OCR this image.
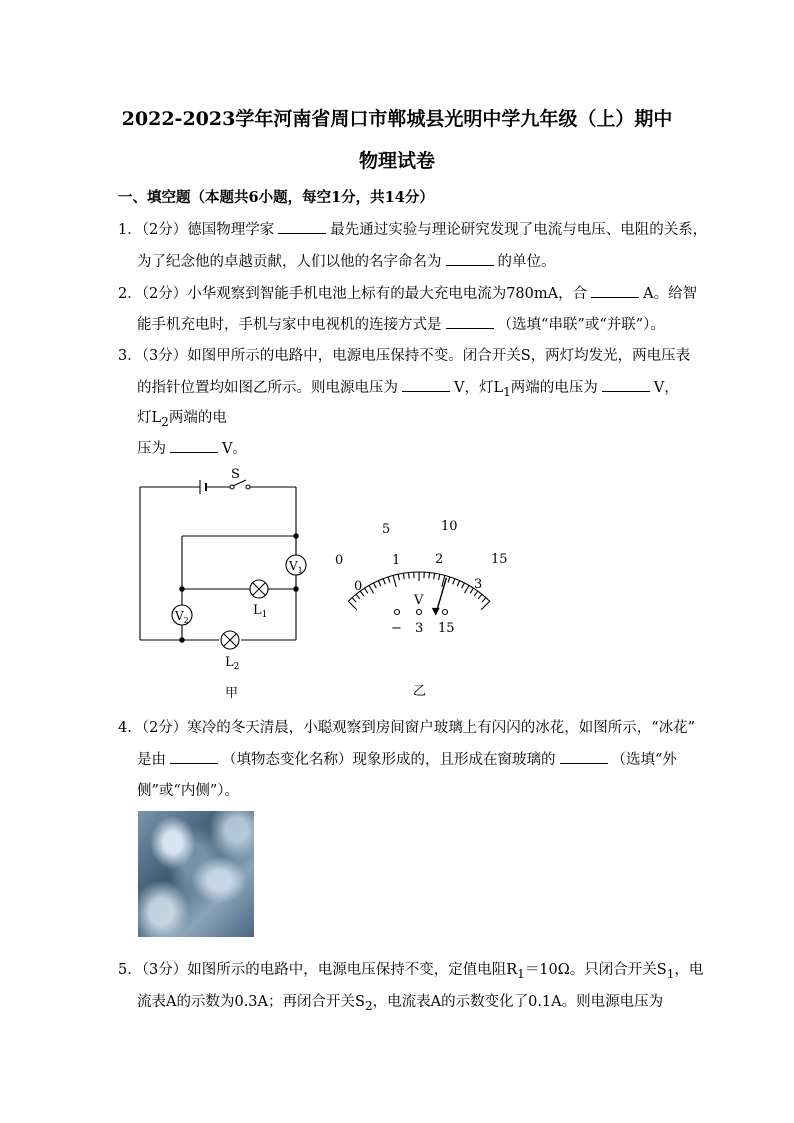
2022-2023学年河南省周口市郸城县光明中学九年级（上）期中
物理试卷
一、填空题（本题共6小题，每空1分，共14分）
1．（2分）德国物理学家	最先通过实验与理论研究发现了电流与电压、电阻的关系，
为了纪念他的卓越贡献，人们以他的名字命名为	的单位。
2．（2分）小华观察到智能手机电池上标有的最大充电电流为780mA，合	A。给智
能手机充电时，手机与家中电视机的连接方式是	（选填“串联”或“并联”）。
3．（3分）如图甲所示的电路中，电源电压保持不变。闭合开关S，两灯均发光，两电压表
的指针位置均如图乙所示。则电源电压为	V，灯$L_1$两端的电压为	V，
灯$L_2$两端的电
压为	V。
S
$V_1$
$V_2$
$L_1$
$L_2$
甲
0
5	10
15
0
1	2
3
V
− 3 15
乙
4．（2分）寒冷的冬天清晨，小聪观察到房间窗户玻璃上有闪闪的冰花，如图所示，“冰花”
是由	（填物态变化名称）现象形成的，且形成在窗玻璃的	（选填“外
侧”或“内侧”）。
5．（3分）如图所示的电路中，电源电压保持不变，定值电阻$R_1=10\Omega$。只闭合开关$S_1$，电
流表A的示数为0.3A；再闭合开关$S_2$，电流表A的示数变化了0.1A。则电源电压为
